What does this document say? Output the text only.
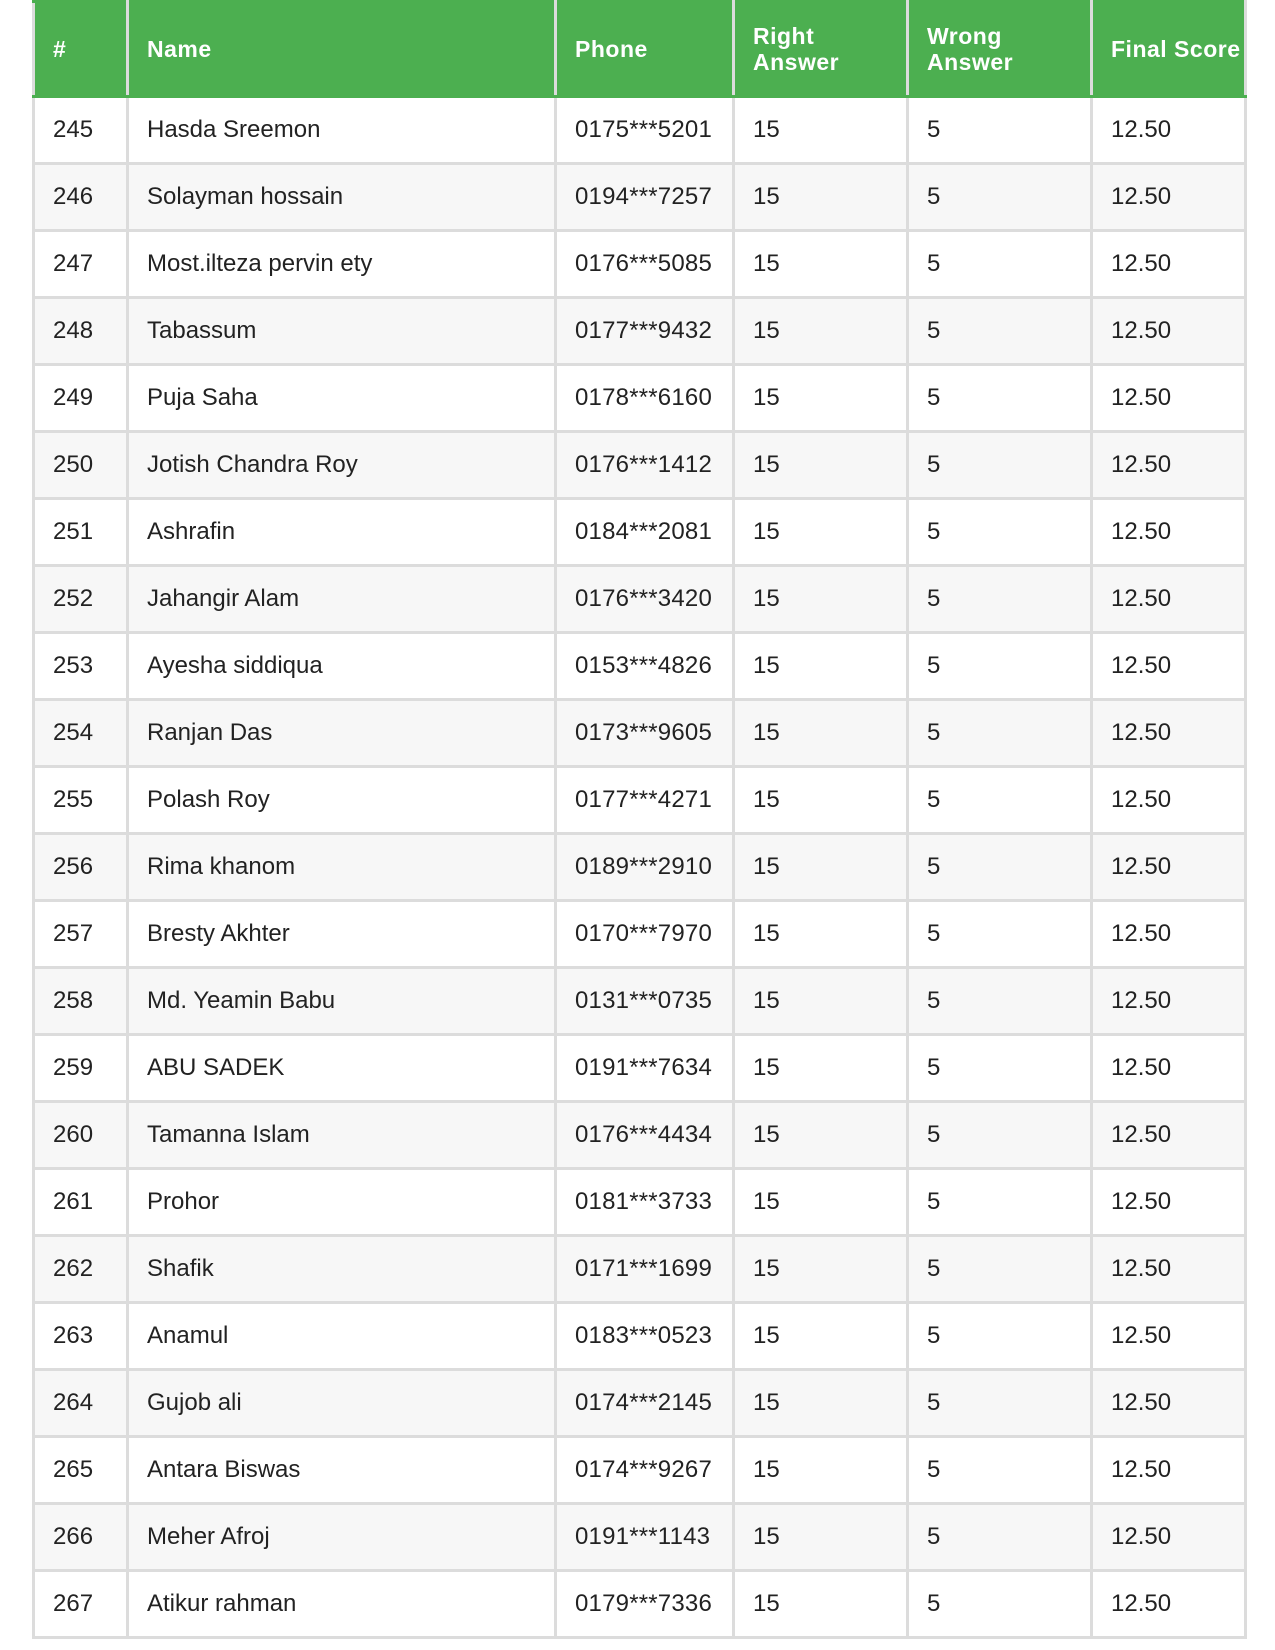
#	Name	Phone	Right Answer	Wrong Answer	Final Score
245	Hasda Sreemon	0175***5201	15	5	12.50
246	Solayman hossain	0194***7257	15	5	12.50
247	Most.ilteza pervin ety	0176***5085	15	5	12.50
248	Tabassum	0177***9432	15	5	12.50
249	Puja Saha	0178***6160	15	5	12.50
250	Jotish Chandra Roy	0176***1412	15	5	12.50
251	Ashrafin	0184***2081	15	5	12.50
252	Jahangir Alam	0176***3420	15	5	12.50
253	Ayesha siddiqua	0153***4826	15	5	12.50
254	Ranjan Das	0173***9605	15	5	12.50
255	Polash Roy	0177***4271	15	5	12.50
256	Rima khanom	0189***2910	15	5	12.50
257	Bresty Akhter	0170***7970	15	5	12.50
258	Md. Yeamin Babu	0131***0735	15	5	12.50
259	ABU SADEK	0191***7634	15	5	12.50
260	Tamanna Islam	0176***4434	15	5	12.50
261	Prohor	0181***3733	15	5	12.50
262	Shafik	0171***1699	15	5	12.50
263	Anamul	0183***0523	15	5	12.50
264	Gujob ali	0174***2145	15	5	12.50
265	Antara Biswas	0174***9267	15	5	12.50
266	Meher Afroj	0191***1143	15	5	12.50
267	Atikur rahman	0179***7336	15	5	12.50
